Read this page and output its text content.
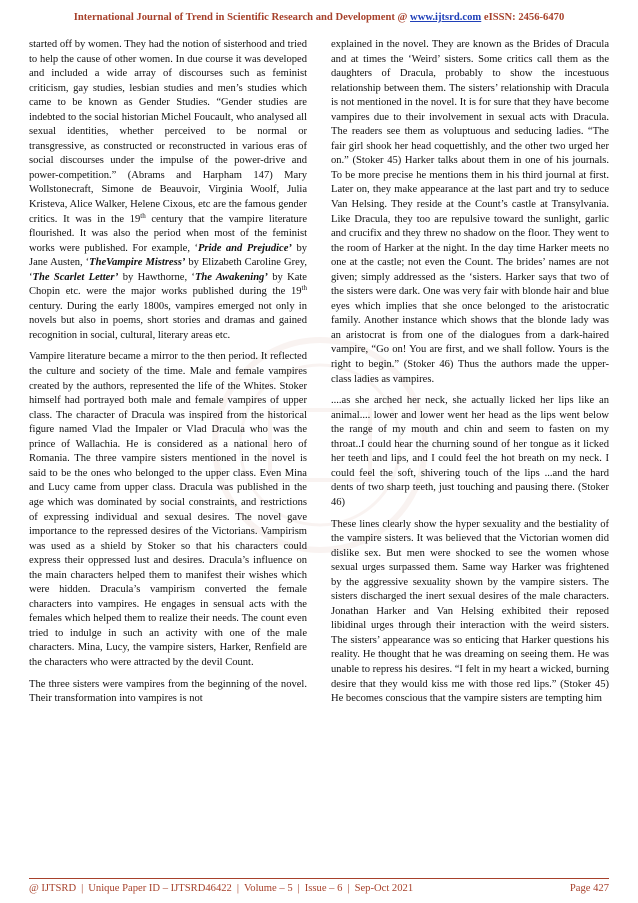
International Journal of Trend in Scientific Research and Development @ www.ijtsrd.com eISSN: 2456-6470

started off by women. They had the notion of sisterhood and tried to help the cause of other women. In due course it was developed and included a wide array of discourses such as feminist criticism, gay studies, lesbian studies and men’s studies which came to be known as Gender Studies. “Gender studies are indebted to the social historian Michel Foucault, who analysed all sexual identities, whether perceived to be normal or transgressive, as constructed or reconstructed in various eras of social discourses under the impulse of the power-drive and power-competition.” (Abrams and Harpham 147) Mary Wollstonecraft, Simone de Beauvoir, Virginia Woolf, Julia Kristeva, Alice Walker, Helene Cixous, etc are the famous gender critics. It was in the 19th century that the vampire literature flourished. It was also the period when most of the feminist works were published. For example, ‘Pride and Prejudice’ by Jane Austen, ‘TheVampire Mistress’ by Elizabeth Caroline Grey, ‘The Scarlet Letter’ by Hawthorne, ‘The Awakening’ by Kate Chopin etc. were the major works published during the 19th century. During the early 1800s, vampires emerged not only in novels but also in poems, short stories and dramas and gained recognition in social, cultural, literary areas etc.

Vampire literature became a mirror to the then period. It reflected the culture and society of the time. Male and female vampires created by the authors, represented the life of the Whites. Stoker himself had portrayed both male and female vampires of upper class. The character of Dracula was inspired from the historical figure named Vlad the Impaler or Vlad Dracula who was the prince of Wallachia. He is considered as a national hero of Romania. The three vampire sisters mentioned in the novel is said to be the ones who belonged to the upper class. Even Mina and Lucy came from upper class. Dracula was published in the age which was dominated by social constraints, and restrictions of expressing individual and sexual desires. The novel gave importance to the repressed desires of the Victorians. Vampirism was used as a shield by Stoker so that his characters could express their oppressed lust and desires. Dracula’s influence on the main characters helped them to manifest their wishes which were hidden. Dracula’s vampirism converted the female characters into vampires. He engages in sensual acts with the females which helped them to realize their needs. The count even tried to indulge in such an activity with one of the male characters. Mina, Lucy, the vampire sisters, Harker, Renfield are the characters who were attracted by the devil Count.

The three sisters were vampires from the beginning of the novel. Their transformation into vampires is not

explained in the novel. They are known as the Brides of Dracula and at times the ‘Weird’ sisters. Some critics call them as the daughters of Dracula, probably to show the incestuous relationship between them. The sisters’ relationship with Dracula is not mentioned in the novel. It is for sure that they have become vampires due to their involvement in sexual acts with Dracula. The readers see them as voluptuous and seducing ladies. “The fair girl shook her head coquettishly, and the other two urged her on.” (Stoker 45) Harker talks about them in one of his journals. To be more precise he mentions them in his third journal at first. Later on, they make appearance at the last part and try to seduce Van Helsing. They reside at the Count’s castle at Transylvania. Like Dracula, they too are repulsive toward the sunlight, garlic and crucifix and they threw no shadow on the floor. They went to the room of Harker at the night. In the day time Harker meets no one at the castle; not even the Count. The brides’ names are not given; simply addressed as the ‘sisters. Harker says that two of the sisters were dark. One was very fair with blonde hair and blue eyes which implies that she once belonged to the aristocratic family. Another instance which shows that the blonde lady was an aristocrat is from one of the dialogues from a dark-haired vampire, “Go on! You are first, and we shall follow. Yours is the right to begin.” (Stoker 46) Thus the authors made the upper-class ladies as vampires.

....as she arched her neck, she actually licked her lips like an animal.... lower and lower went her head as the lips went below the range of my mouth and chin and seem to fasten on my throat..I could hear the churning sound of her tongue as it licked her teeth and lips, and I could feel the hot breath on my neck. I could feel the soft, shivering touch of the lips ...and the hard dents of two sharp teeth, just touching and pausing there. (Stoker 46)

These lines clearly show the hyper sexuality and the bestiality of the vampire sisters. It was believed that the Victorian women did dislike sex. But men were shocked to see the women whose sexual urges surpassed them. Same way Harker was frightened by the aggressive sexuality shown by the vampire sisters. The sisters discharged the inert sexual desires of the male characters. Jonathan Harker and Van Helsing exhibited their reposed libidinal urges through their interaction with the weird sisters. The sisters’ appearance was so enticing that Harker questions his reality. He thought that he was dreaming on seeing them. He was unable to repress his desires. “I felt in my heart a wicked, burning desire that they would kiss me with those red lips.” (Stoker 45) He becomes conscious that the vampire sisters are tempting him

@ IJTSRD | Unique Paper ID – IJTSRD46422 | Volume – 5 | Issue – 6 | Sep-Oct 2021	Page 427
